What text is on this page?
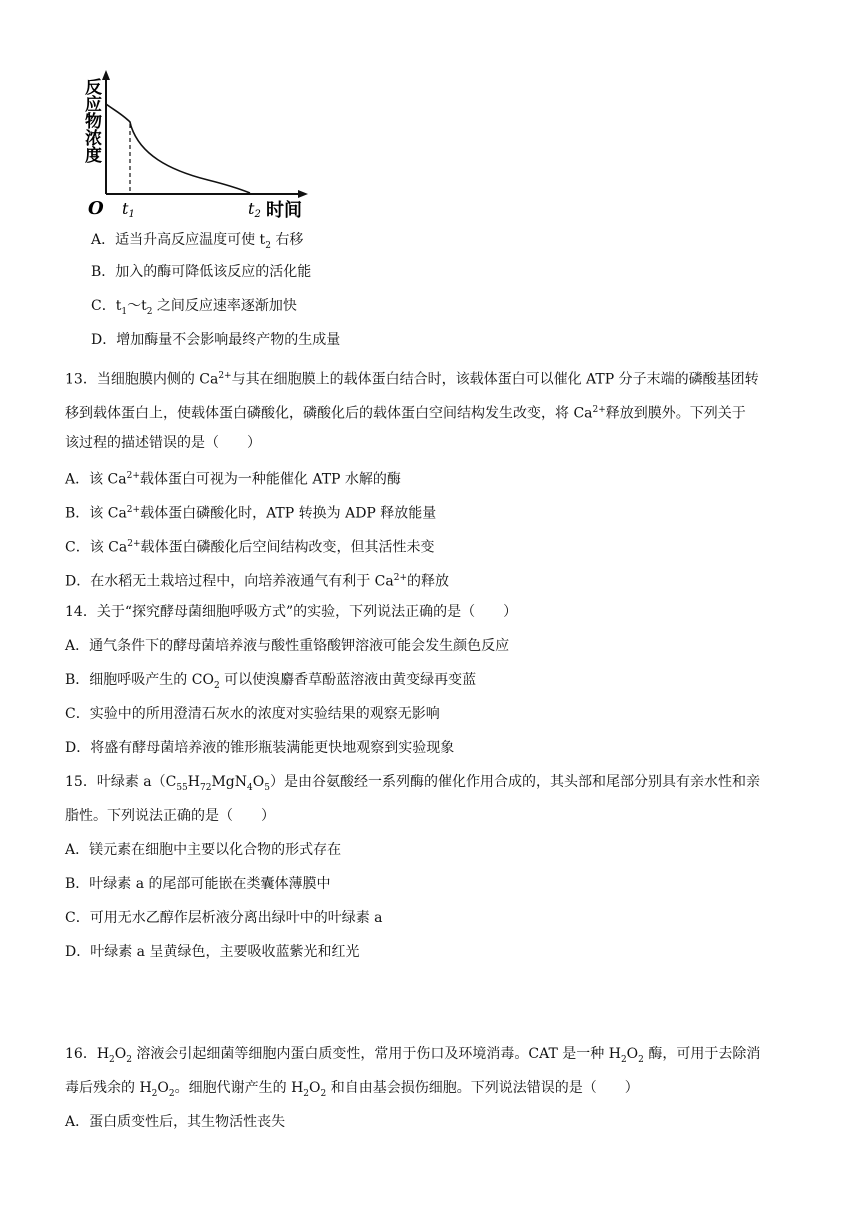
反应物浓度
O t1	t2 时间
A．适当升高反应温度可使 $t_2$ 右移
B．加入的酶可降低该反应的活化能
C．$t_1\sim t_2$ 之间反应速率逐渐加快
D．增加酶量不会影响最终产物的生成量
13．当细胞膜内侧的 $Ca^{2+}$与其在细胞膜上的载体蛋白结合时，该载体蛋白可以催化 ATP 分子末端的磷酸基团转
移到载体蛋白上，使载体蛋白磷酸化，磷酸化后的载体蛋白空间结构发生改变，将 $Ca^{2+}$释放到膜外。下列关于
该过程的描述错误的是（　　）
A．该 $Ca^{2+}$载体蛋白可视为一种能催化 ATP 水解的酶
B．该 $Ca^{2+}$载体蛋白磷酸化时，ATP 转换为 ADP 释放能量
C．该 $Ca^{2+}$载体蛋白磷酸化后空间结构改变，但其活性未变
D．在水稻无土栽培过程中，向培养液通气有利于 $Ca^{2+}$的释放
14．关于“探究酵母菌细胞呼吸方式”的实验，下列说法正确的是（　　）
A．通气条件下的酵母菌培养液与酸性重铬酸钾溶液可能会发生颜色反应
B．细胞呼吸产生的 $CO_2$ 可以使溴麝香草酚蓝溶液由黄变绿再变蓝
C．实验中的所用澄清石灰水的浓度对实验结果的观察无影响
D．将盛有酵母菌培养液的锥形瓶装满能更快地观察到实验现象
15．叶绿素 $a(C_{55}H_{72}MgN_4O_5)$是由谷氨酸经一系列酶的催化作用合成的，其头部和尾部分别具有亲水性和亲
脂性。下列说法正确的是（　　）
A．镁元素在细胞中主要以化合物的形式存在
B．叶绿素 a 的尾部可能嵌在类囊体薄膜中
C．可用无水乙醇作层析液分离出绿叶中的叶绿素 a
D．叶绿素 a 呈黄绿色，主要吸收蓝紫光和红光
16．$H_2O_2$ 溶液会引起细菌等细胞内蛋白质变性，常用于伤口及环境消毒。CAT 是一种 $H_2O_2$ 酶，可用于去除消
毒后残余的 $H_2O_2$。细胞代谢产生的 $H_2O_2$ 和自由基会损伤细胞。下列说法错误的是（　　）
A．蛋白质变性后，其生物活性丧失
